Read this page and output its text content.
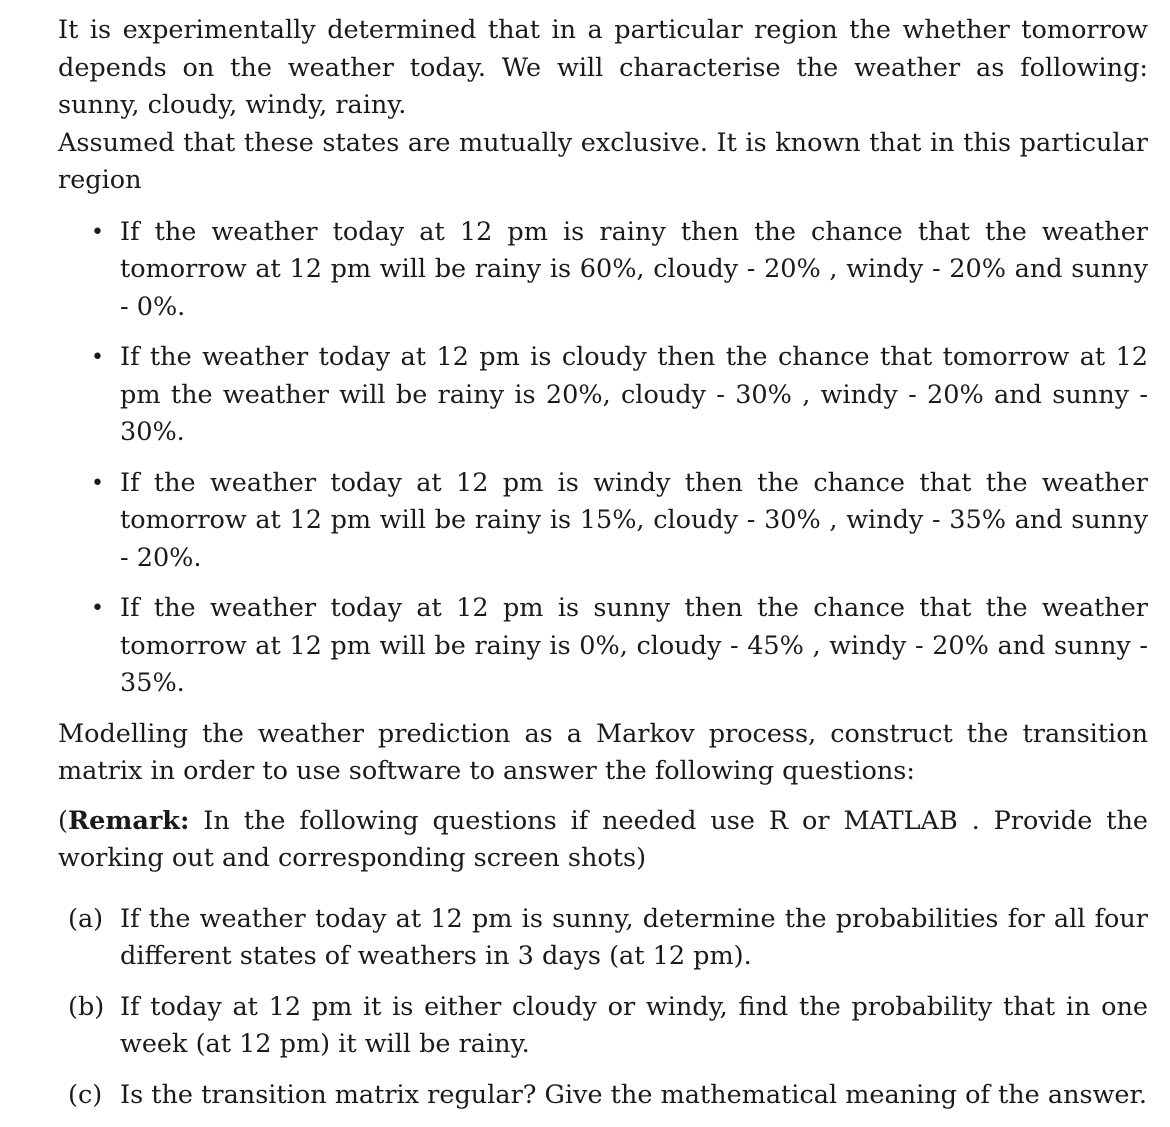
It is experimentally determined that in a particular region the whether tomorrow depends on the weather today. We will characterise the weather as following: sunny, cloudy, windy, rainy.

Assumed that these states are mutually exclusive. It is known that in this particular region

• If the weather today at 12 pm is rainy then the chance that the weather tomorrow at 12 pm will be rainy is 60%, cloudy - 20% , windy - 20% and sunny - 0%.
• If the weather today at 12 pm is cloudy then the chance that tomorrow at 12 pm the weather will be rainy is 20%, cloudy - 30% , windy - 20% and sunny - 30%.
• If the weather today at 12 pm is windy then the chance that the weather tomorrow at 12 pm will be rainy is 15%, cloudy - 30% , windy - 35% and sunny - 20%.
• If the weather today at 12 pm is sunny then the chance that the weather tomorrow at 12 pm will be rainy is 0%, cloudy - 45% , windy - 20% and sunny - 35%.

Modelling the weather prediction as a Markov process, construct the transition matrix in order to use software to answer the following questions:

(Remark: In the following questions if needed use R or MATLAB . Provide the working out and corresponding screen shots)

(a) If the weather today at 12 pm is sunny, determine the probabilities for all four different states of weathers in 3 days (at 12 pm).
(b) If today at 12 pm it is either cloudy or windy, find the probability that in one week (at 12 pm) it will be rainy.
(c) Is the transition matrix regular? Give the mathematical meaning of the answer.
